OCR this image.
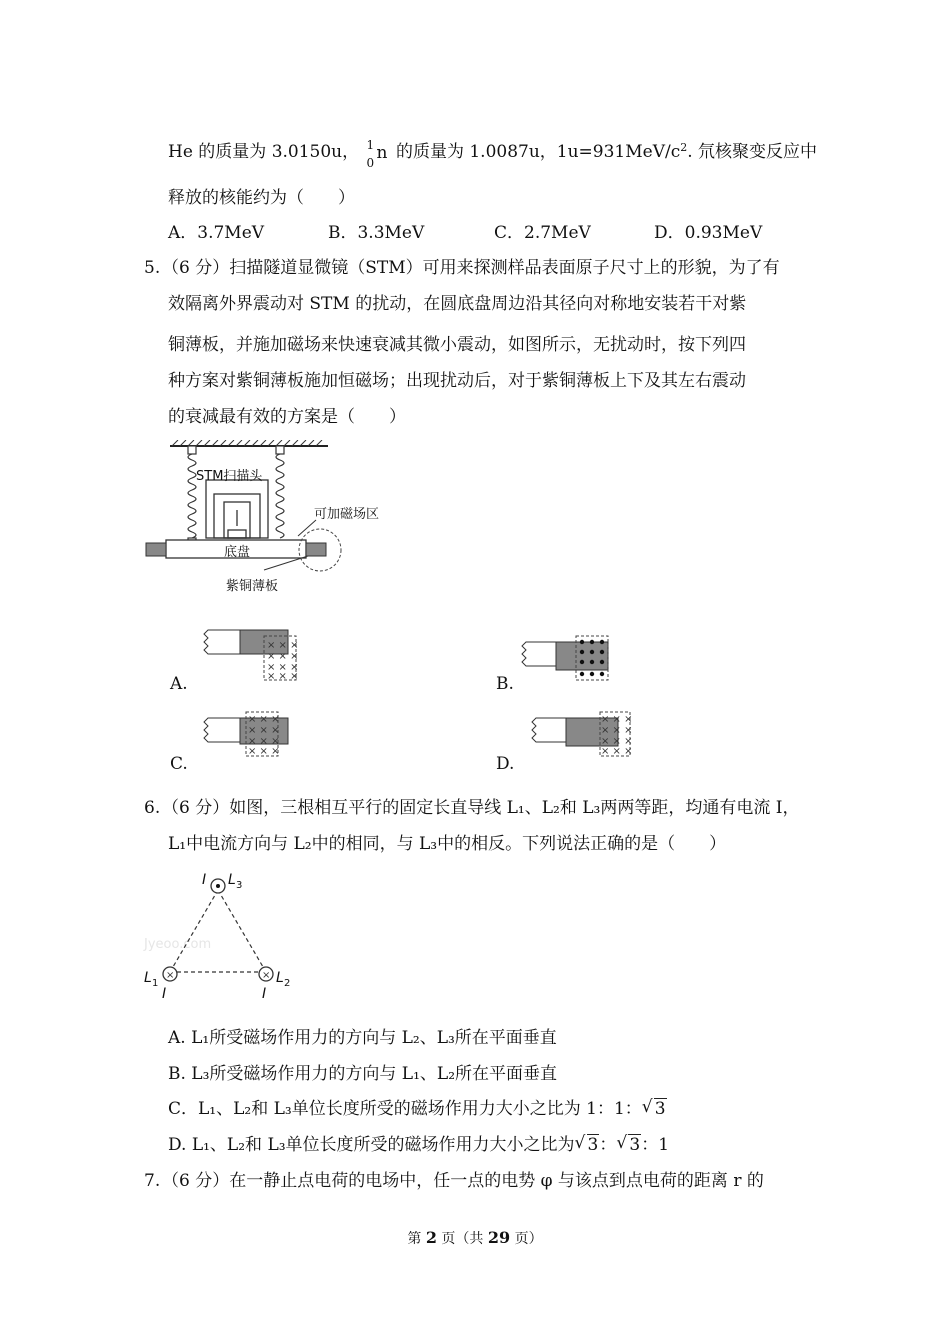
He 的质量为 3.0150u， 1
0 n 的质量为 1.0087u，$1u=931MeV/c^2$. 氘核聚变反应中
释放的核能约为（　　）
A．3.7MeV	B．3.3MeV	C．2.7MeV	D．0.93MeV
5. （6 分）扫描隧道显微镜（STM）可用来探测样品表面原子尺寸上的形貌，为了有
效隔离外界震动对 STM 的扰动，在圆底盘周边沿其径向对称地安装若干对紫
铜薄板，并施加磁场来快速衰减其微小震动，如图所示，无扰动时，按下列四
种方案对紫铜薄板施加恒磁场；出现扰动后，对于紫铜薄板上下及其左右震动
的衰减最有效的方案是（　　）
STM扫描头
底盘
可加磁场区
紫铜薄板
× × ×
× × ×
× × ×
× × ×
A.	B.
× × ×
× × ×
× × ×
× × ×
C.
× × ×
× × ×
× × ×
× × ×
D.
6. （6 分）如图，三根相互平行的固定长直导线 L₁、L₂和 L₃两两等距，均通有电流 I，
L₁中电流方向与 L₂中的相同，与 L₃中的相反。下列说法正确的是（　　）
Jyeoo.com
I L 3
×
L 1
I
×
I
L 2
A. L₁所受磁场作用力的方向与 L₂、L₃所在平面垂直
B. L₃所受磁场作用力的方向与 L₁、L₂所在平面垂直
C．L₁、L₂和 L₃单位长度所受的磁场作用力大小之比为 1：1： √ 3
D. L₁、L₂和 L₃单位长度所受的磁场作用力大小之比为 √ 3： √ 3：1
7. （6 分）在一静止点电荷的电场中，任一点的电势 φ 与该点到点电荷的距离 r 的
第 2 页（共 29 页）
